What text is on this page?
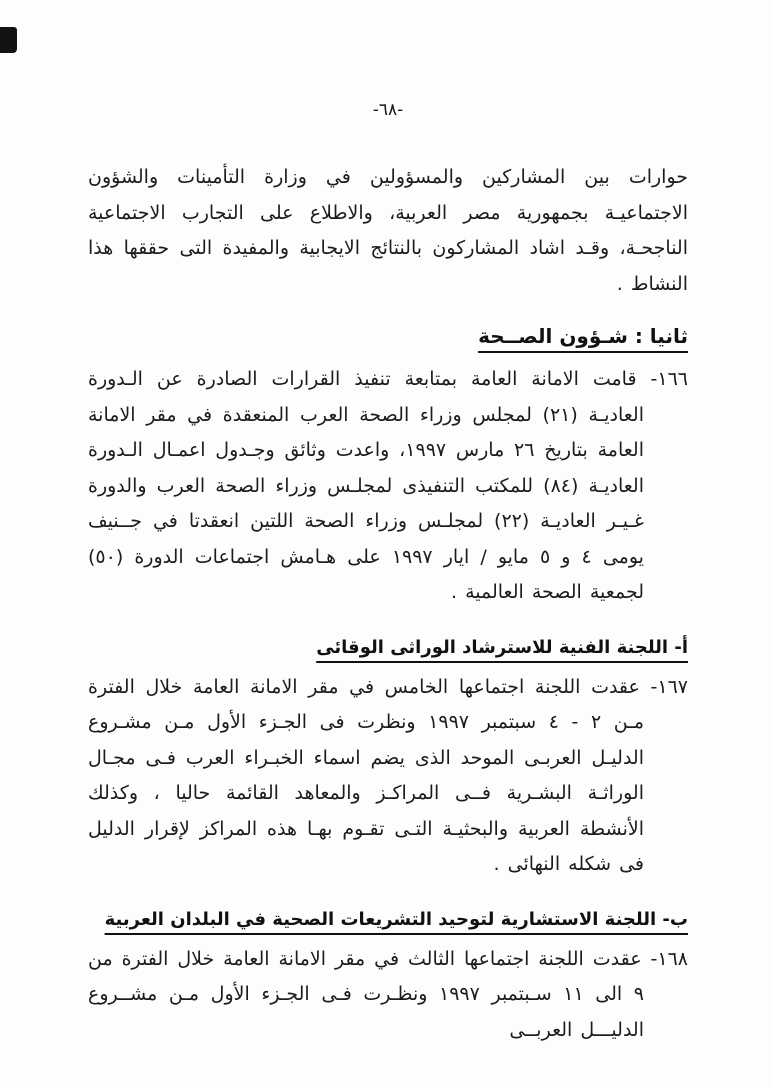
-٦٨-

حوارات بين المشاركين والمسؤولين في وزارة التأمينات والشؤون الاجتماعيـة بجمهورية مصر العربية، والاطلاع على التجارب الاجتماعية الناجحـة، وقـد اشاد المشاركون بالنتائج الايجابية والمفيدة التى حققها هذا النشاط .

ثانيا : شـؤون الصــحة

١٦٦- قامت الامانة العامة بمتابعة تنفيذ القرارات الصادرة عن الـدورة العاديـة (٢١) لمجلس وزراء الصحة العرب المنعقدة في مقر الامانة العامة بتاريخ ٢٦ مارس ١٩٩٧، واعدت وثائق وجـدول اعمـال الـدورة العاديـة (٨٤) للمكتب التنفيذى لمجلـس وزراء الصحة العرب والدورة غـيـر العاديـة (٢٢) لمجلـس وزراء الصحة اللتين انعقدتا في جــنيف يومى ٤ و ٥ مايو / ايار ١٩٩٧ على هـامش اجتماعات الدورة (٥٠) لجمعية الصحة العالمية .

أ- اللجنة الفنية للاسترشاد الوراثى الوقائى

١٦٧- عقدت اللجنة اجتماعها الخامس في مقر الامانة العامة خلال الفترة مـن ٢ - ٤ سبتمبر ١٩٩٧ ونظرت فى الجـزء الأول مـن مشـروع الدليـل العربـى الموحد الذى يضم اسماء الخبـراء العرب فـى مجـال الوراثـة البشـرية فــى المراكـز والمعاهد القائمة حاليا ، وكذلك الأنشطة العربية والبحثيـة التـى تقـوم بهـا هذه المراكز لإقرار الدليل فى شكله النهائى .

ب- اللجنة الاستشارية لتوحيد التشريعات الصحية في البلدان العربية

١٦٨- عقدت اللجنة اجتماعها الثالث في مقر الامانة العامة خلال الفترة من ٩ الى ١١ سـبتمبر ١٩٩٧ ونظـرت فـى الجـزء الأول مـن مشــروع الدليـــل العربــى
